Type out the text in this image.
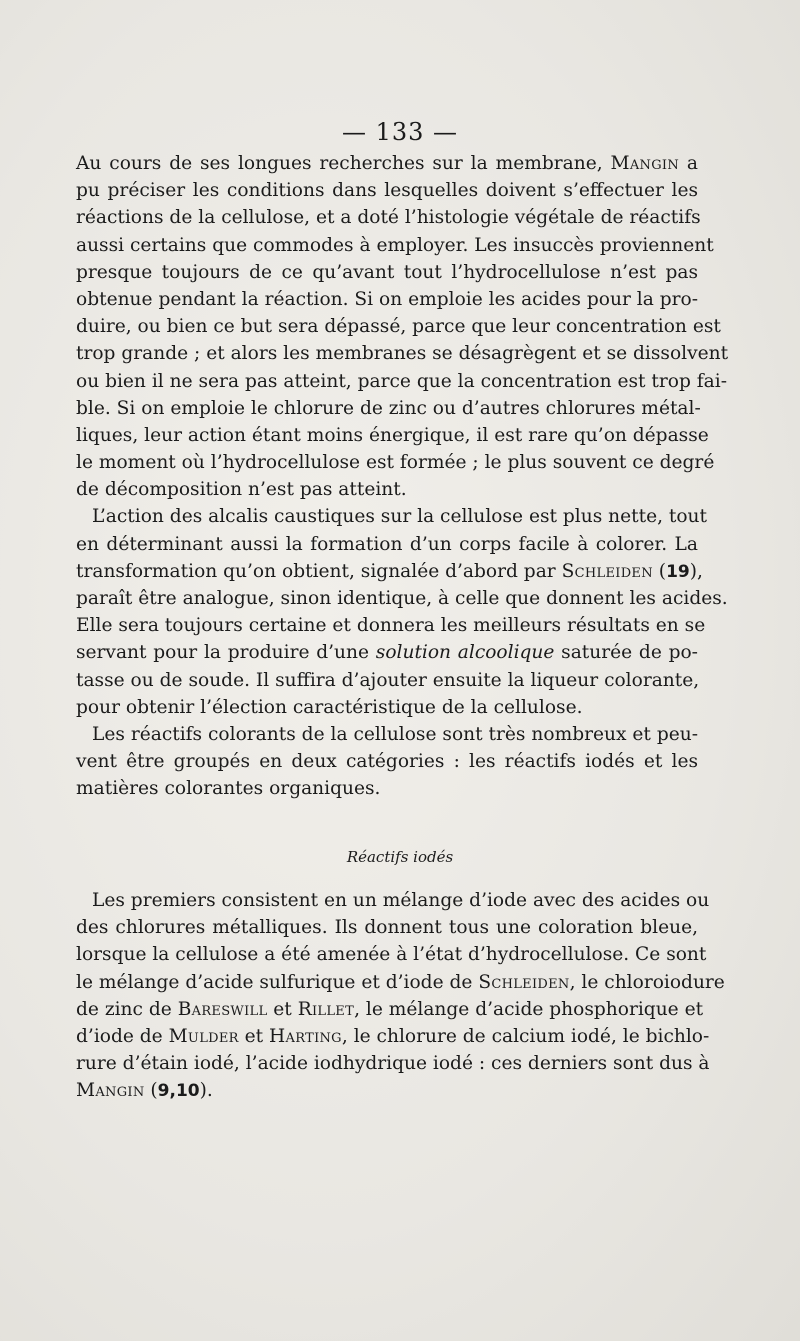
— 133 —
Au cours de ses longues recherches sur la membrane, Mangin a
pu préciser les conditions dans lesquelles doivent s’effectuer les
réactions de la cellulose, et a doté l’histologie végétale de réactifs
aussi certains que commodes à employer. Les insuccès proviennent
presque toujours de ce qu’avant tout l’hydrocellulose n’est pas
obtenue pendant la réaction. Si on emploie les acides pour la pro-
duire, ou bien ce but sera dépassé, parce que leur concentration est
trop grande ; et alors les membranes se désagrègent et se dissolvent
ou bien il ne sera pas atteint, parce que la concentration est trop fai-
ble. Si on emploie le chlorure de zinc ou d’autres chlorures métal-
liques, leur action étant moins énergique, il est rare qu’on dépasse
le moment où l’hydrocellulose est formée ; le plus souvent ce degré
de décomposition n’est pas atteint.
L’action des alcalis caustiques sur la cellulose est plus nette, tout
en déterminant aussi la formation d’un corps facile à colorer. La
transformation qu’on obtient, signalée d’abord par Schleiden (19),
paraît être analogue, sinon identique, à celle que donnent les acides.
Elle sera toujours certaine et donnera les meilleurs résultats en se
servant pour la produire d’une solution alcoolique saturée de po-
tasse ou de soude. Il suffira d’ajouter ensuite la liqueur colorante,
pour obtenir l’élection caractéristique de la cellulose.
Les réactifs colorants de la cellulose sont très nombreux et peu-
vent être groupés en deux catégories : les réactifs iodés et les
matières colorantes organiques.
Réactifs iodés
Les premiers consistent en un mélange d’iode avec des acides ou
des chlorures métalliques. Ils donnent tous une coloration bleue,
lorsque la cellulose a été amenée à l’état d’hydrocellulose. Ce sont
le mélange d’acide sulfurique et d’iode de Schleiden, le chloroiodure
de zinc de Bareswill et Rillet, le mélange d’acide phosphorique et
d’iode de Mulder et Harting, le chlorure de calcium iodé, le bichlo-
rure d’étain iodé, l’acide iodhydrique iodé : ces derniers sont dus à
Mangin (9,10).
